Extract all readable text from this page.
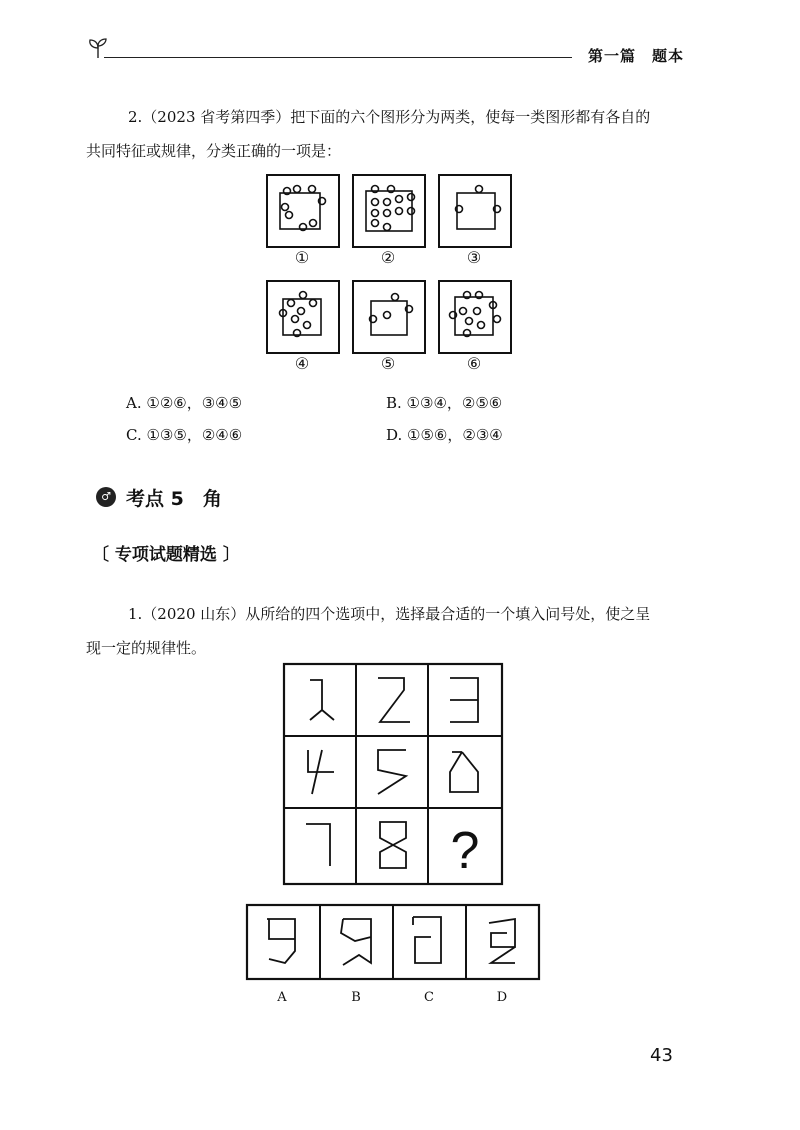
第一篇　题本
2.（2023 省考第四季）把下面的六个图形分为两类，使每一类图形都有各自的
共同特征或规律，分类正确的一项是：
①	②	③
④	⑤	⑥
A. ①②⑥，③④⑤	B. ①③④，②⑤⑥
C. ①③⑤，②④⑥	D. ①⑤⑥，②③④
♂ 考点 5　角
〔 专项试题精选 〕
1.（2020 山东）从所给的四个选项中，选择最合适的一个填入问号处，使之呈
现一定的规律性。
?
A	B	C	D
43
